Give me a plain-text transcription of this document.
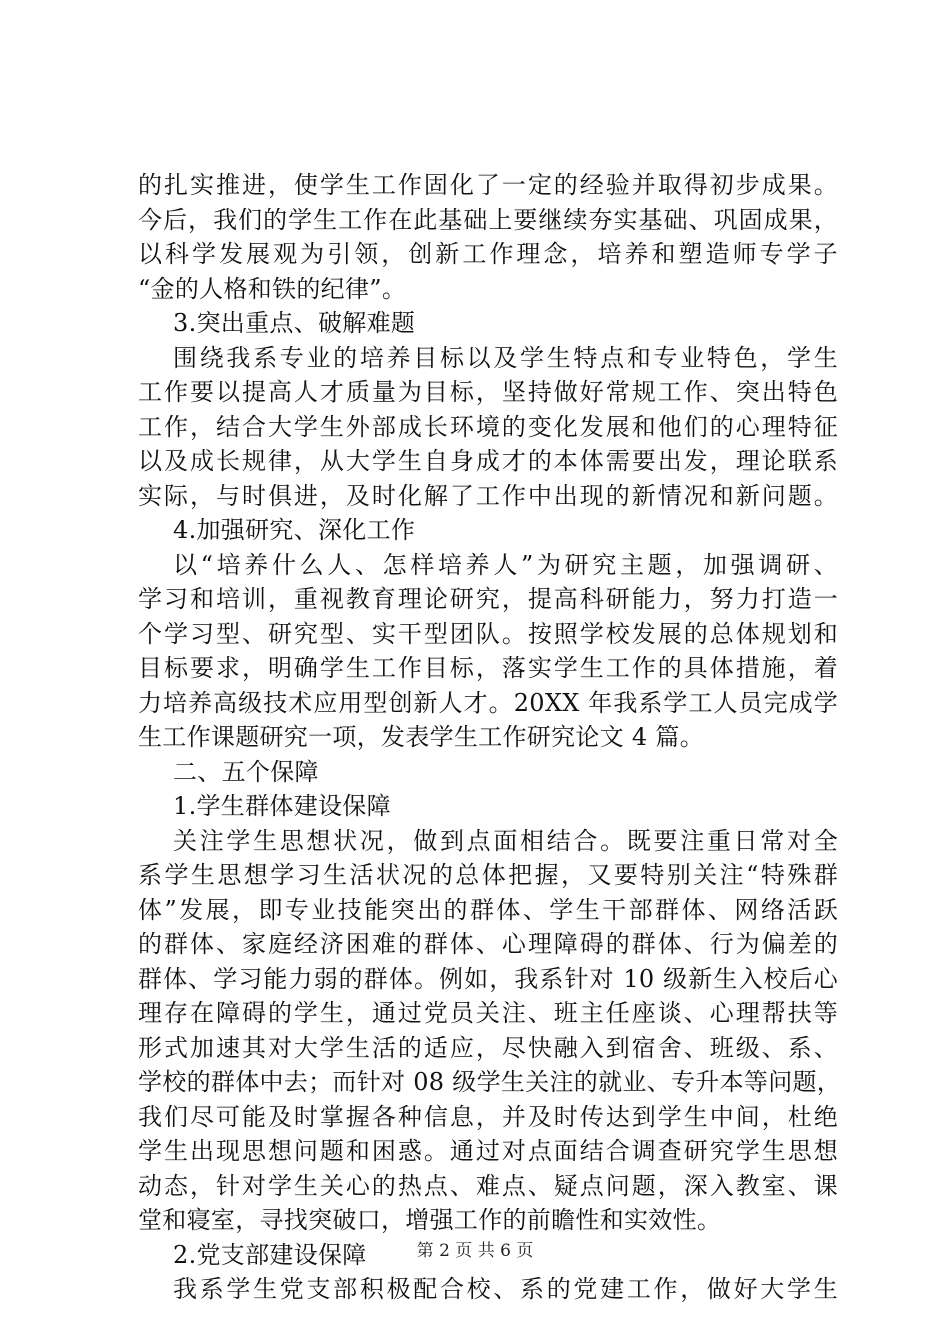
的扎实推进，使学生工作固化了一定的经验并取得初步成果。
今后，我们的学生工作在此基础上要继续夯实基础、巩固成果，
以科学发展观为引领，创新工作理念，培养和塑造师专学子
“金的人格和铁的纪律”。
3.突出重点、破解难题
围绕我系专业的培养目标以及学生特点和专业特色，学生
工作要以提高人才质量为目标，坚持做好常规工作、突出特色
工作，结合大学生外部成长环境的变化发展和他们的心理特征
以及成长规律，从大学生自身成才的本体需要出发，理论联系
实际，与时俱进，及时化解了工作中出现的新情况和新问题。
4.加强研究、深化工作
以“培养什么人、怎样培养人”为研究主题，加强调研、
学习和培训，重视教育理论研究，提高科研能力，努力打造一
个学习型、研究型、实干型团队。按照学校发展的总体规划和
目标要求，明确学生工作目标，落实学生工作的具体措施，着
力培养高级技术应用型创新人才。20XX 年我系学工人员完成学
生工作课题研究一项，发表学生工作研究论文 4 篇。
二、五个保障
1.学生群体建设保障
关注学生思想状况，做到点面相结合。既要注重日常对全
系学生思想学习生活状况的总体把握，又要特别关注“特殊群
体”发展，即专业技能突出的群体、学生干部群体、网络活跃
的群体、家庭经济困难的群体、心理障碍的群体、行为偏差的
群体、学习能力弱的群体。例如，我系针对 10 级新生入校后心
理存在障碍的学生，通过党员关注、班主任座谈、心理帮扶等
形式加速其对大学生活的适应，尽快融入到宿舍、班级、系、
学校的群体中去；而针对 08 级学生关注的就业、专升本等问题，
我们尽可能及时掌握各种信息，并及时传达到学生中间，杜绝
学生出现思想问题和困惑。通过对点面结合调查研究学生思想
动态，针对学生关心的热点、难点、疑点问题，深入教室、课
堂和寝室，寻找突破口，增强工作的前瞻性和实效性。
2.党支部建设保障
我系学生党支部积极配合校、系的党建工作，做好大学生
第 2 页 共 6 页
